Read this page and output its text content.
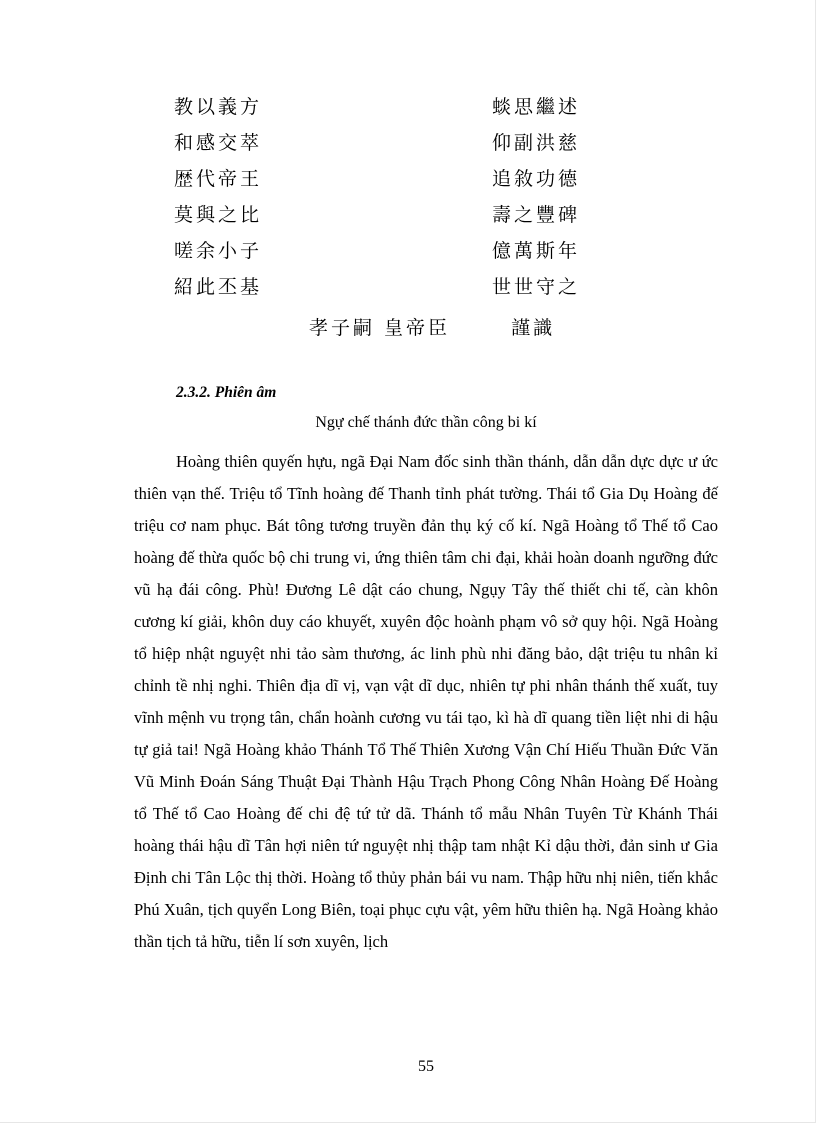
教以義方	䗊思繼述
和感交萃	仰副洪慈
歴代帝王	追敘功德
莫與之比	壽之豐碑
嗟余小子	億萬斯年
紹此丕基	世世守之
孝子嗣 皇帝臣	謹識
2.3.2. Phiên âm
Ngự chế thánh đức thần công bi kí

Hoàng thiên quyến hựu, ngã Đại Nam đốc sinh thần thánh, dẫn dẫn dực dực ư ức thiên vạn thế. Triệu tổ Tĩnh hoàng đế Thanh tỉnh phát tường. Thái tổ Gia Dụ Hoàng đế triệu cơ nam phục. Bát tông tương truyền đản thụ ký cố kí. Ngã Hoàng tổ Thế tổ Cao hoàng đế thừa quốc bộ chi trung vi, ứng thiên tâm chi đại, khải hoàn doanh ngưỡng đức vũ hạ đái công. Phù! Đương Lê dật cáo chung, Ngụy Tây thế thiết chi tế, càn khôn cương kí giải, khôn duy cáo khuyết, xuyên độc hoành phạm vô sở quy hội. Ngã Hoàng tổ hiệp nhật nguyệt nhi tảo sàm thương, ác linh phù nhi đăng bảo, dật triệu tu nhân kỉ chỉnh tề nhị nghi. Thiên địa dĩ vị, vạn vật dĩ dục, nhiên tự phi nhân thánh thế xuất, tuy vĩnh mệnh vu trọng tân, chẩn hoành cương vu tái tạo, kì hà dĩ quang tiền liệt nhi di hậu tự giả tai! Ngã Hoàng khảo Thánh Tổ Thế Thiên Xương Vận Chí Hiếu Thuần Đức Văn Vũ Minh Đoán Sáng Thuật Đại Thành Hậu Trạch Phong Công Nhân Hoàng Đế Hoàng tổ Thế tổ Cao Hoàng đế chi đệ tứ tử dã. Thánh tổ mẫu Nhân Tuyên Từ Khánh Thái hoàng thái hậu dĩ Tân hợi niên tứ nguyệt nhị thập tam nhật Kỉ dậu thời, đản sinh ư Gia Định chi Tân Lộc thị thời. Hoàng tổ thủy phản bái vu nam. Thập hữu nhị niên, tiến khắc Phú Xuân, tịch quyển Long Biên, toại phục cựu vật, yêm hữu thiên hạ. Ngã Hoàng khảo thần tịch tả hữu, tiễn lí sơn xuyên, lịch

55
